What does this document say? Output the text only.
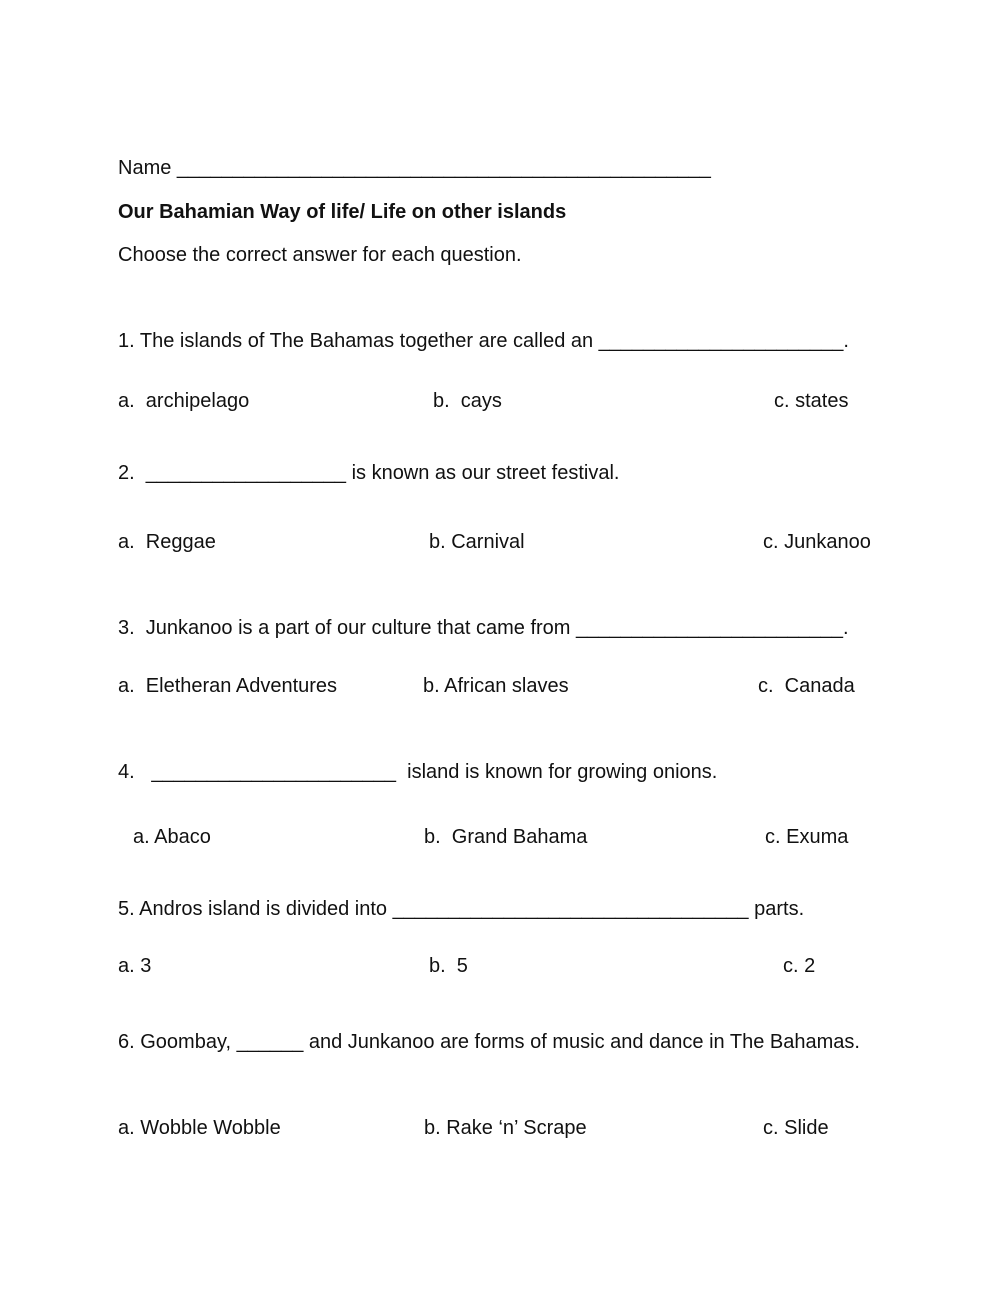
Name ________________________________________________
Our Bahamian Way of life/ Life on other islands
Choose the correct answer for each question.
1. The islands of The Bahamas together are called an ______________________.
a.  archipelago	b.  cays	c. states
2.  __________________ is known as our street festival.
a.  Reggae	b. Carnival	c. Junkanoo
3.  Junkanoo is a part of our culture that came from ________________________.
a.  Eletheran Adventures	b. African slaves	c.  Canada
4.   ______________________  island is known for growing onions.
a. Abaco	b.  Grand Bahama	c. Exuma
5. Andros island is divided into ________________________________ parts.
a. 3	b.  5	c. 2
6. Goombay, ______ and Junkanoo are forms of music and dance in The Bahamas.
a. Wobble Wobble	b. Rake ‘n’ Scrape	c. Slide
